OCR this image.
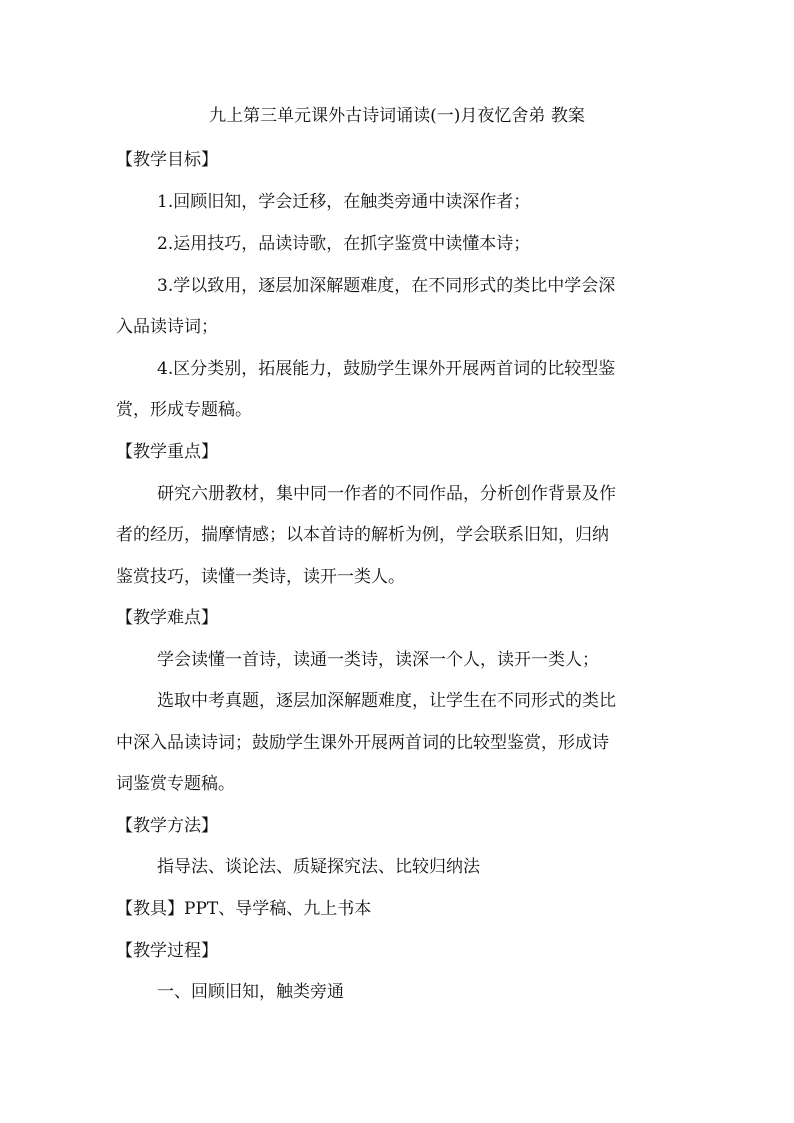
九上第三单元课外古诗词诵读(一)月夜忆舍弟 教案

【教学目标】

1.回顾旧知，学会迁移，在触类旁通中读深作者；

2.运用技巧，品读诗歌，在抓字鉴赏中读懂本诗；

3.学以致用，逐层加深解题难度，在不同形式的类比中学会深

入品读诗词；

4.区分类别，拓展能力，鼓励学生课外开展两首词的比较型鉴

赏，形成专题稿。

【教学重点】

研究六册教材，集中同一作者的不同作品，分析创作背景及作

者的经历，揣摩情感；以本首诗的解析为例，学会联系旧知，归纳

鉴赏技巧，读懂一类诗，读开一类人。

【教学难点】

学会读懂一首诗，读通一类诗，读深一个人，读开一类人；

选取中考真题，逐层加深解题难度，让学生在不同形式的类比

中深入品读诗词；鼓励学生课外开展两首词的比较型鉴赏，形成诗

词鉴赏专题稿。

【教学方法】

指导法、谈论法、质疑探究法、比较归纳法

【教具】PPT、导学稿、九上书本

【教学过程】

一、回顾旧知，触类旁通
